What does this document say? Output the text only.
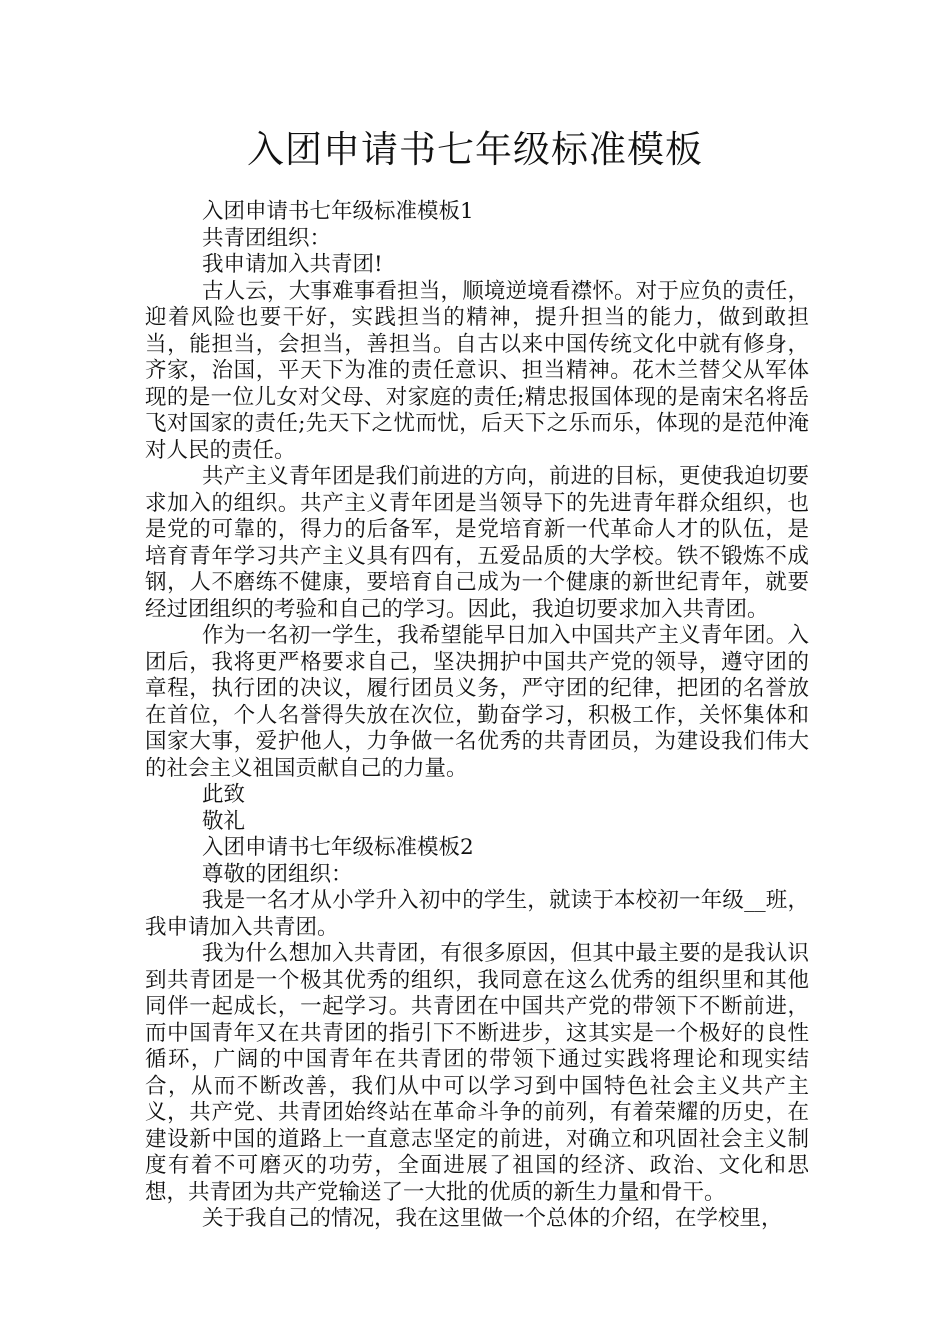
入团申请书七年级标准模板

入团申请书七年级标准模板1

共青团组织：

我申请加入共青团!

古人云，大事难事看担当，顺境逆境看襟怀。对于应负的责任，迎着风险也要干好，实践担当的精神，提升担当的能力，做到敢担当，能担当，会担当，善担当。自古以来中国传统文化中就有修身，齐家，治国，平天下为准的责任意识、担当精神。花木兰替父从军体现的是一位儿女对父母、对家庭的责任;精忠报国体现的是南宋名将岳飞对国家的责任;先天下之忧而忧，后天下之乐而乐，体现的是范仲淹对人民的责任。

共产主义青年团是我们前进的方向，前进的目标，更使我迫切要求加入的组织。共产主义青年团是当领导下的先进青年群众组织，也是党的可靠的，得力的后备军，是党培育新一代革命人才的队伍，是培育青年学习共产主义具有四有，五爱品质的大学校。铁不锻炼不成钢，人不磨练不健康，要培育自己成为一个健康的新世纪青年，就要经过团组织的考验和自己的学习。因此，我迫切要求加入共青团。

作为一名初一学生，我希望能早日加入中国共产主义青年团。入团后，我将更严格要求自己，坚决拥护中国共产党的领导，遵守团的章程，执行团的决议，履行团员义务，严守团的纪律，把团的名誉放在首位，个人名誉得失放在次位，勤奋学习，积极工作，关怀集体和国家大事，爱护他人，力争做一名优秀的共青团员，为建设我们伟大的社会主义祖国贡献自己的力量。

此致

敬礼

入团申请书七年级标准模板2

尊敬的团组织：

我是一名才从小学升入初中的学生，就读于本校初一年级__班，我申请加入共青团。

我为什么想加入共青团，有很多原因，但其中最主要的是我认识到共青团是一个极其优秀的组织，我同意在这么优秀的组织里和其他同伴一起成长，一起学习。共青团在中国共产党的带领下不断前进，而中国青年又在共青团的指引下不断进步，这其实是一个极好的良性循环，广阔的中国青年在共青团的带领下通过实践将理论和现实结合，从而不断改善，我们从中可以学习到中国特色社会主义共产主义，共产党、共青团始终站在革命斗争的前列，有着荣耀的历史，在建设新中国的道路上一直意志坚定的前进，对确立和巩固社会主义制度有着不可磨灭的功劳，全面进展了祖国的经济、政治、文化和思想，共青团为共产党输送了一大批的优质的新生力量和骨干。

关于我自己的情况，我在这里做一个总体的介绍，在学校里，
